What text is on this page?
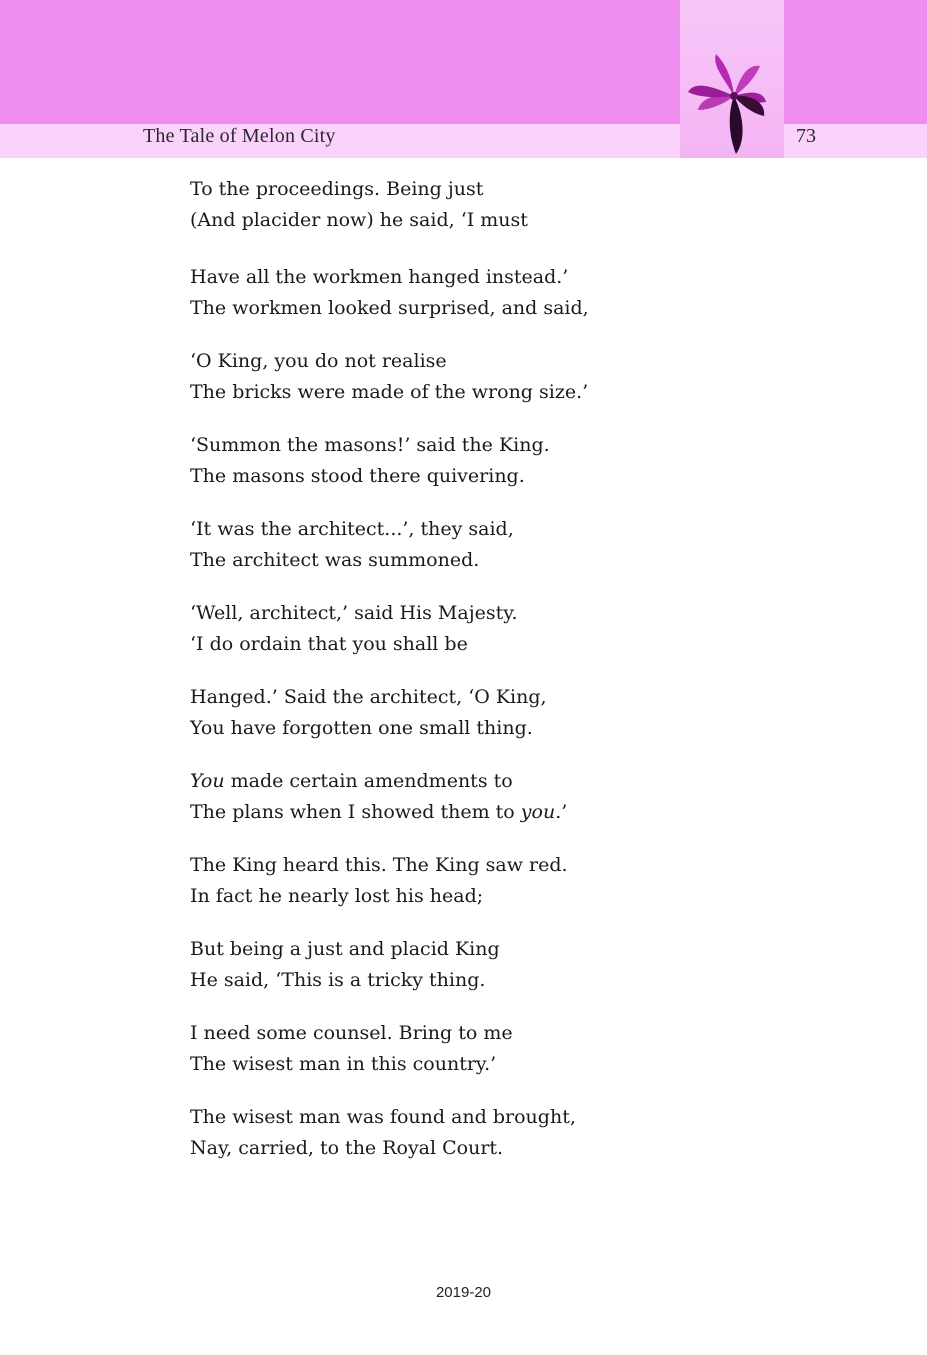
The Tale of Melon City	73
To the proceedings. Being just
(And placider now) he said, ‘I must
Have all the workmen hanged instead.’
The workmen looked surprised, and said,
‘O King, you do not realise
The bricks were made of the wrong size.’
‘Summon the masons!’ said the King.
The masons stood there quivering.
‘It was the architect...’, they said,
The architect was summoned.
‘Well, architect,’ said His Majesty.
‘I do ordain that you shall be
Hanged.’ Said the architect, ‘O King,
You have forgotten one small thing.
You made certain amendments to
The plans when I showed them to you.’
The King heard this. The King saw red.
In fact he nearly lost his head;
But being a just and placid King
He said, ‘This is a tricky thing.
I need some counsel. Bring to me
The wisest man in this country.’
The wisest man was found and brought,
Nay, carried, to the Royal Court.
2019-20
